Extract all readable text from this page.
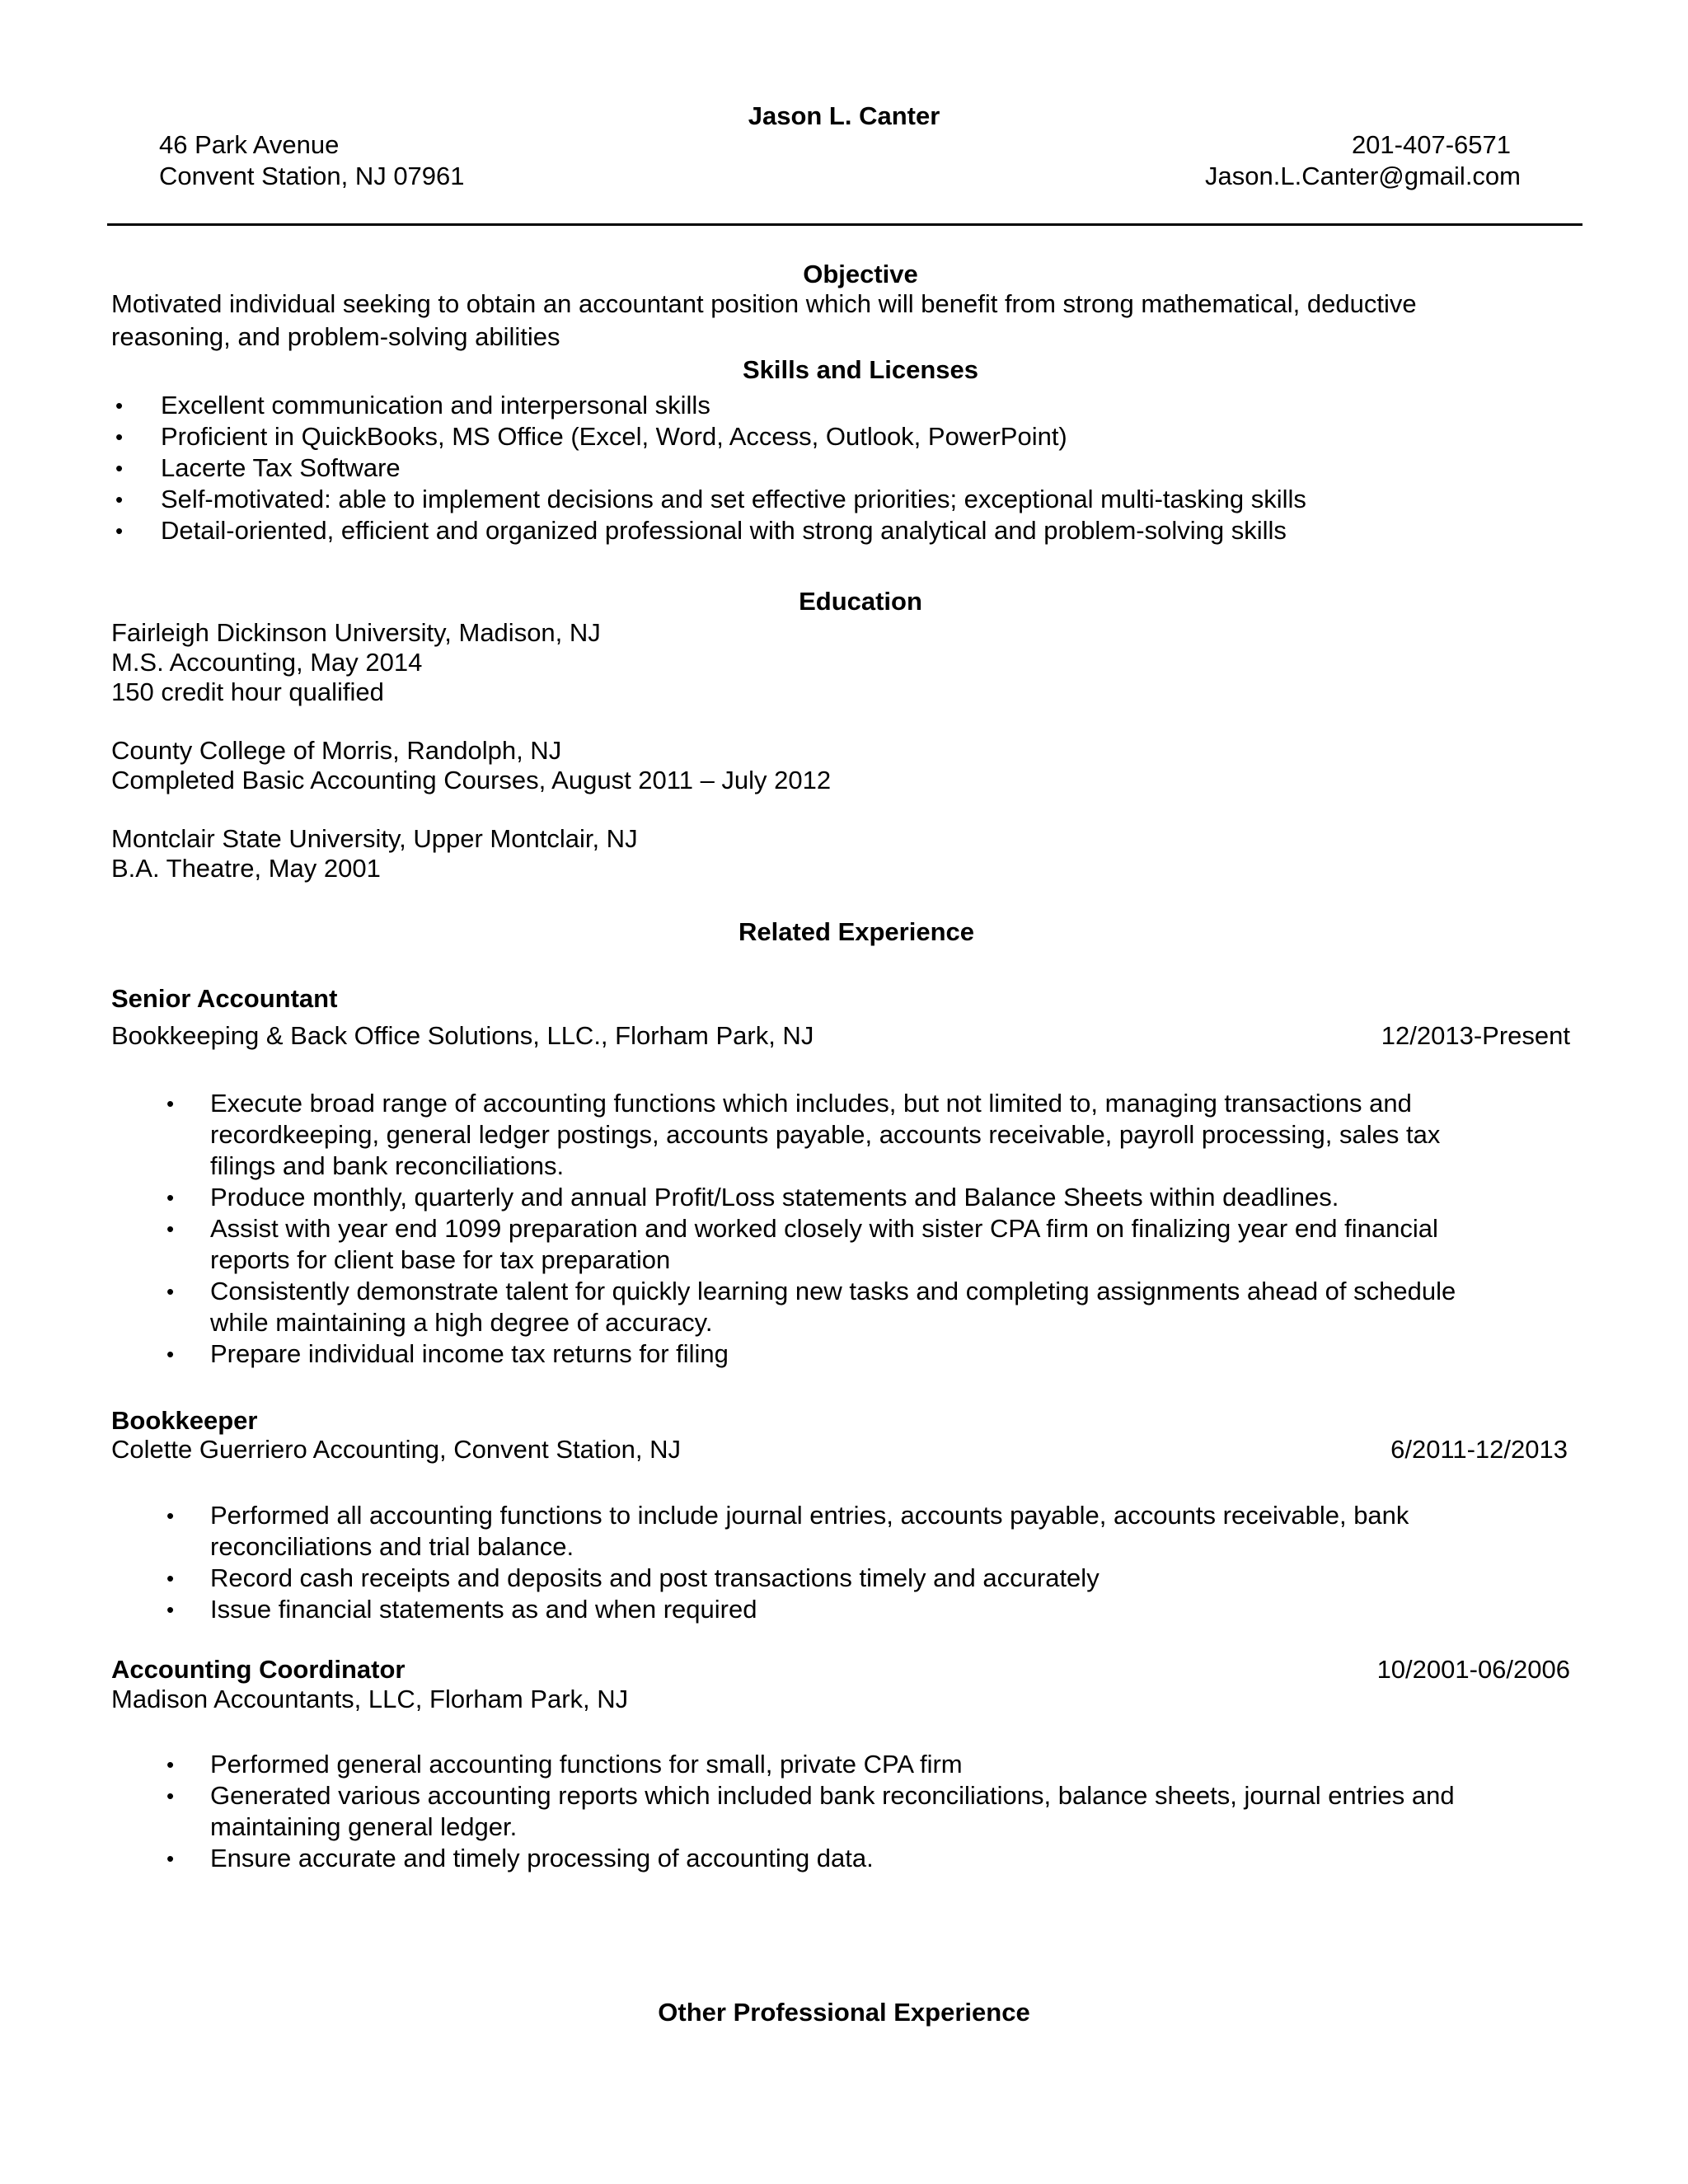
Jason L. Canter
46 Park Avenue
Convent Station, NJ 07961
201-407-6571
Jason.L.Canter@gmail.com
Objective
Motivated individual seeking to obtain an accountant position which will benefit from strong mathematical, deductive
reasoning, and problem-solving abilities
Skills and Licenses
• Excellent communication and interpersonal skills
• Proficient in QuickBooks, MS Office (Excel, Word, Access, Outlook, PowerPoint)
• Lacerte Tax Software
• Self-motivated: able to implement decisions and set effective priorities; exceptional multi-tasking skills
• Detail-oriented, efficient and organized professional with strong analytical and problem-solving skills
Education
Fairleigh Dickinson University, Madison, NJ
M.S. Accounting, May 2014
150 credit hour qualified
County College of Morris, Randolph, NJ
Completed Basic Accounting Courses, August 2011 – July 2012
Montclair State University, Upper Montclair, NJ
B.A. Theatre, May 2001
Related Experience
Senior Accountant
Bookkeeping & Back Office Solutions, LLC., Florham Park, NJ	12/2013-Present
• Execute broad range of accounting functions which includes, but not limited to, managing transactions and
recordkeeping, general ledger postings, accounts payable, accounts receivable, payroll processing, sales tax
filings and bank reconciliations.
• Produce monthly, quarterly and annual Profit/Loss statements and Balance Sheets within deadlines.
• Assist with year end 1099 preparation and worked closely with sister CPA firm on finalizing year end financial
reports for client base for tax preparation
• Consistently demonstrate talent for quickly learning new tasks and completing assignments ahead of schedule
while maintaining a high degree of accuracy.
• Prepare individual income tax returns for filing
Bookkeeper
Colette Guerriero Accounting, Convent Station, NJ	6/2011-12/2013
• Performed all accounting functions to include journal entries, accounts payable, accounts receivable, bank
reconciliations and trial balance.
• Record cash receipts and deposits and post transactions timely and accurately
• Issue financial statements as and when required
Accounting Coordinator	10/2001-06/2006
Madison Accountants, LLC, Florham Park, NJ
• Performed general accounting functions for small, private CPA firm
• Generated various accounting reports which included bank reconciliations, balance sheets, journal entries and
maintaining general ledger.
• Ensure accurate and timely processing of accounting data.
Other Professional Experience
